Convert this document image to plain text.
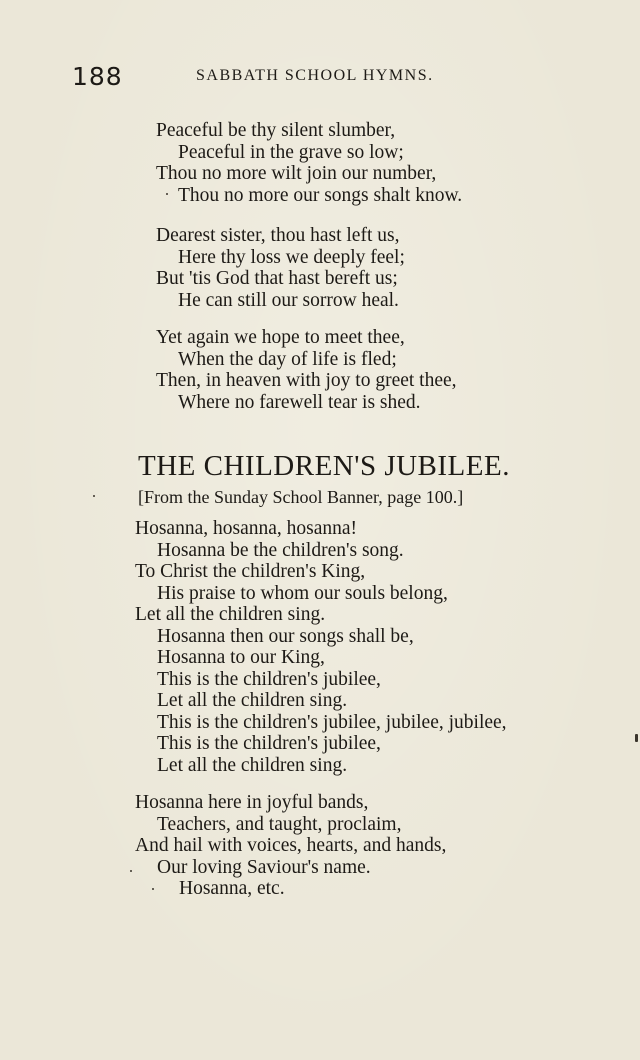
188	SABBATH SCHOOL HYMNS.
Peaceful be thy silent slumber,
Peaceful in the grave so low;
Thou no more wilt join our number,
Thou no more our songs shalt know.
Dearest sister, thou hast left us,
Here thy loss we deeply feel;
But 'tis God that hast bereft us;
He can still our sorrow heal.
Yet again we hope to meet thee,
When the day of life is fled;
Then, in heaven with joy to greet thee,
Where no farewell tear is shed.
THE CHILDREN'S JUBILEE.
[From the Sunday School Banner, page 100.]
Hosanna, hosanna, hosanna!
Hosanna be the children's song.
To Christ the children's King,
His praise to whom our souls belong,
Let all the children sing.
Hosanna then our songs shall be,
Hosanna to our King,
This is the children's jubilee,
Let all the children sing.
This is the children's jubilee, jubilee, jubilee,
This is the children's jubilee,
Let all the children sing.
Hosanna here in joyful bands,
Teachers, and taught, proclaim,
And hail with voices, hearts, and hands,
Our loving Saviour's name.
Hosanna, etc.
